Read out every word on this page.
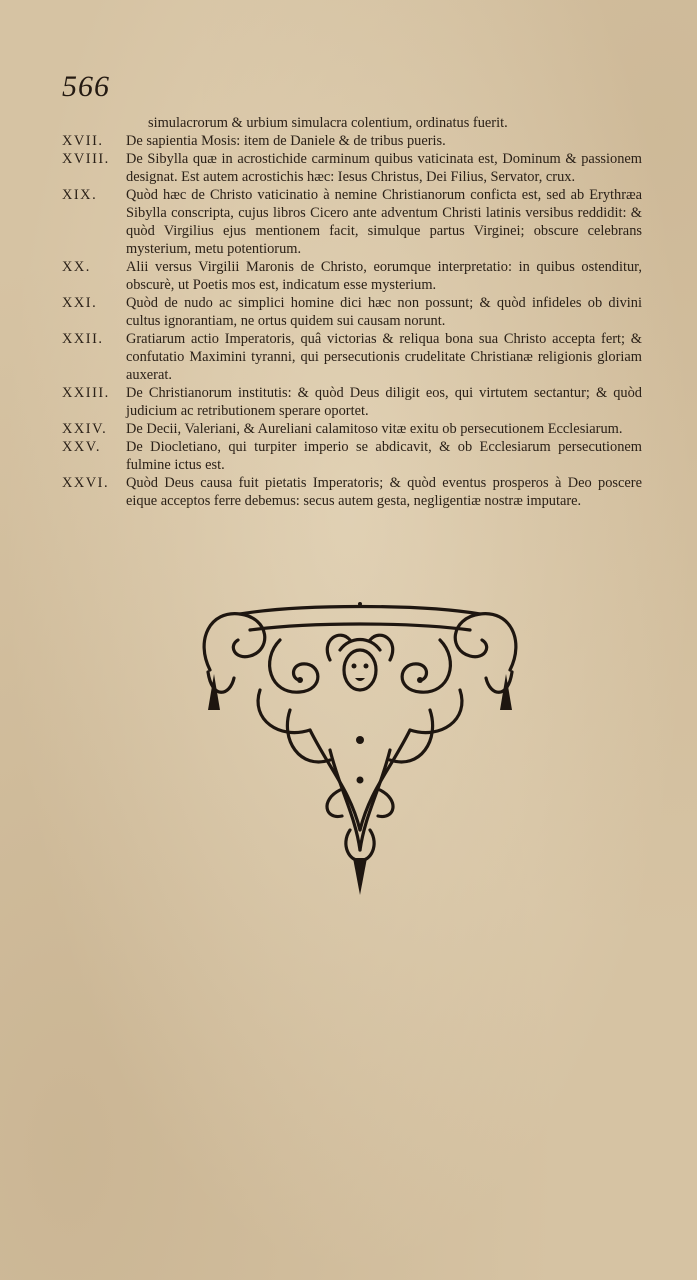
566
simulacrorum & urbium simulacra colentium, ordinatus fuerit.
XVII.	De sapientia Mosis: item de Daniele & de tribus pueris.
XVIII.	De Sibylla quæ in acrostichide carminum quibus vaticinata est, Dominum & passionem designat. Est autem acrostichis hæc: Iesus Christus, Dei Filius, Servator, crux.
XIX.	Quòd hæc de Christo vaticinatio à nemine Christianorum conficta est, sed ab Erythræa Sibylla conscripta, cujus libros Cicero ante adventum Christi latinis versibus reddidit: & quòd Virgilius ejus mentionem facit, simulque partus Virginei; obscure celebrans mysterium, metu potentiorum.
XX.	Alii versus Virgilii Maronis de Christo, eorumque interpretatio: in quibus ostenditur, obscurè, ut Poetis mos est, indicatum esse mysterium.
XXI.	Quòd de nudo ac simplici homine dici hæc non possunt; & quòd infideles ob divini cultus ignorantiam, ne ortus quidem sui causam norunt.
XXII.	Gratiarum actio Imperatoris, quâ victorias & reliqua bona sua Christo accepta fert; & confutatio Maximini tyranni, qui persecutionis crudelitate Christianæ religionis gloriam auxerat.
XXIII.	De Christianorum institutis: & quòd Deus diligit eos, qui virtutem sectantur; & quòd judicium ac retributionem sperare oportet.
XXIV.	De Decii, Valeriani, & Aureliani calamitoso vitæ exitu ob persecutionem Ecclesiarum.
XXV.	De Diocletiano, qui turpiter imperio se abdicavit, & ob Ecclesiarum persecutionem fulmine ictus est.
XXVI.	Quòd Deus causa fuit pietatis Imperatoris; & quòd eventus prosperos à Deo poscere eique acceptos ferre debemus: secus autem gesta, negligentiæ nostræ imputare.
